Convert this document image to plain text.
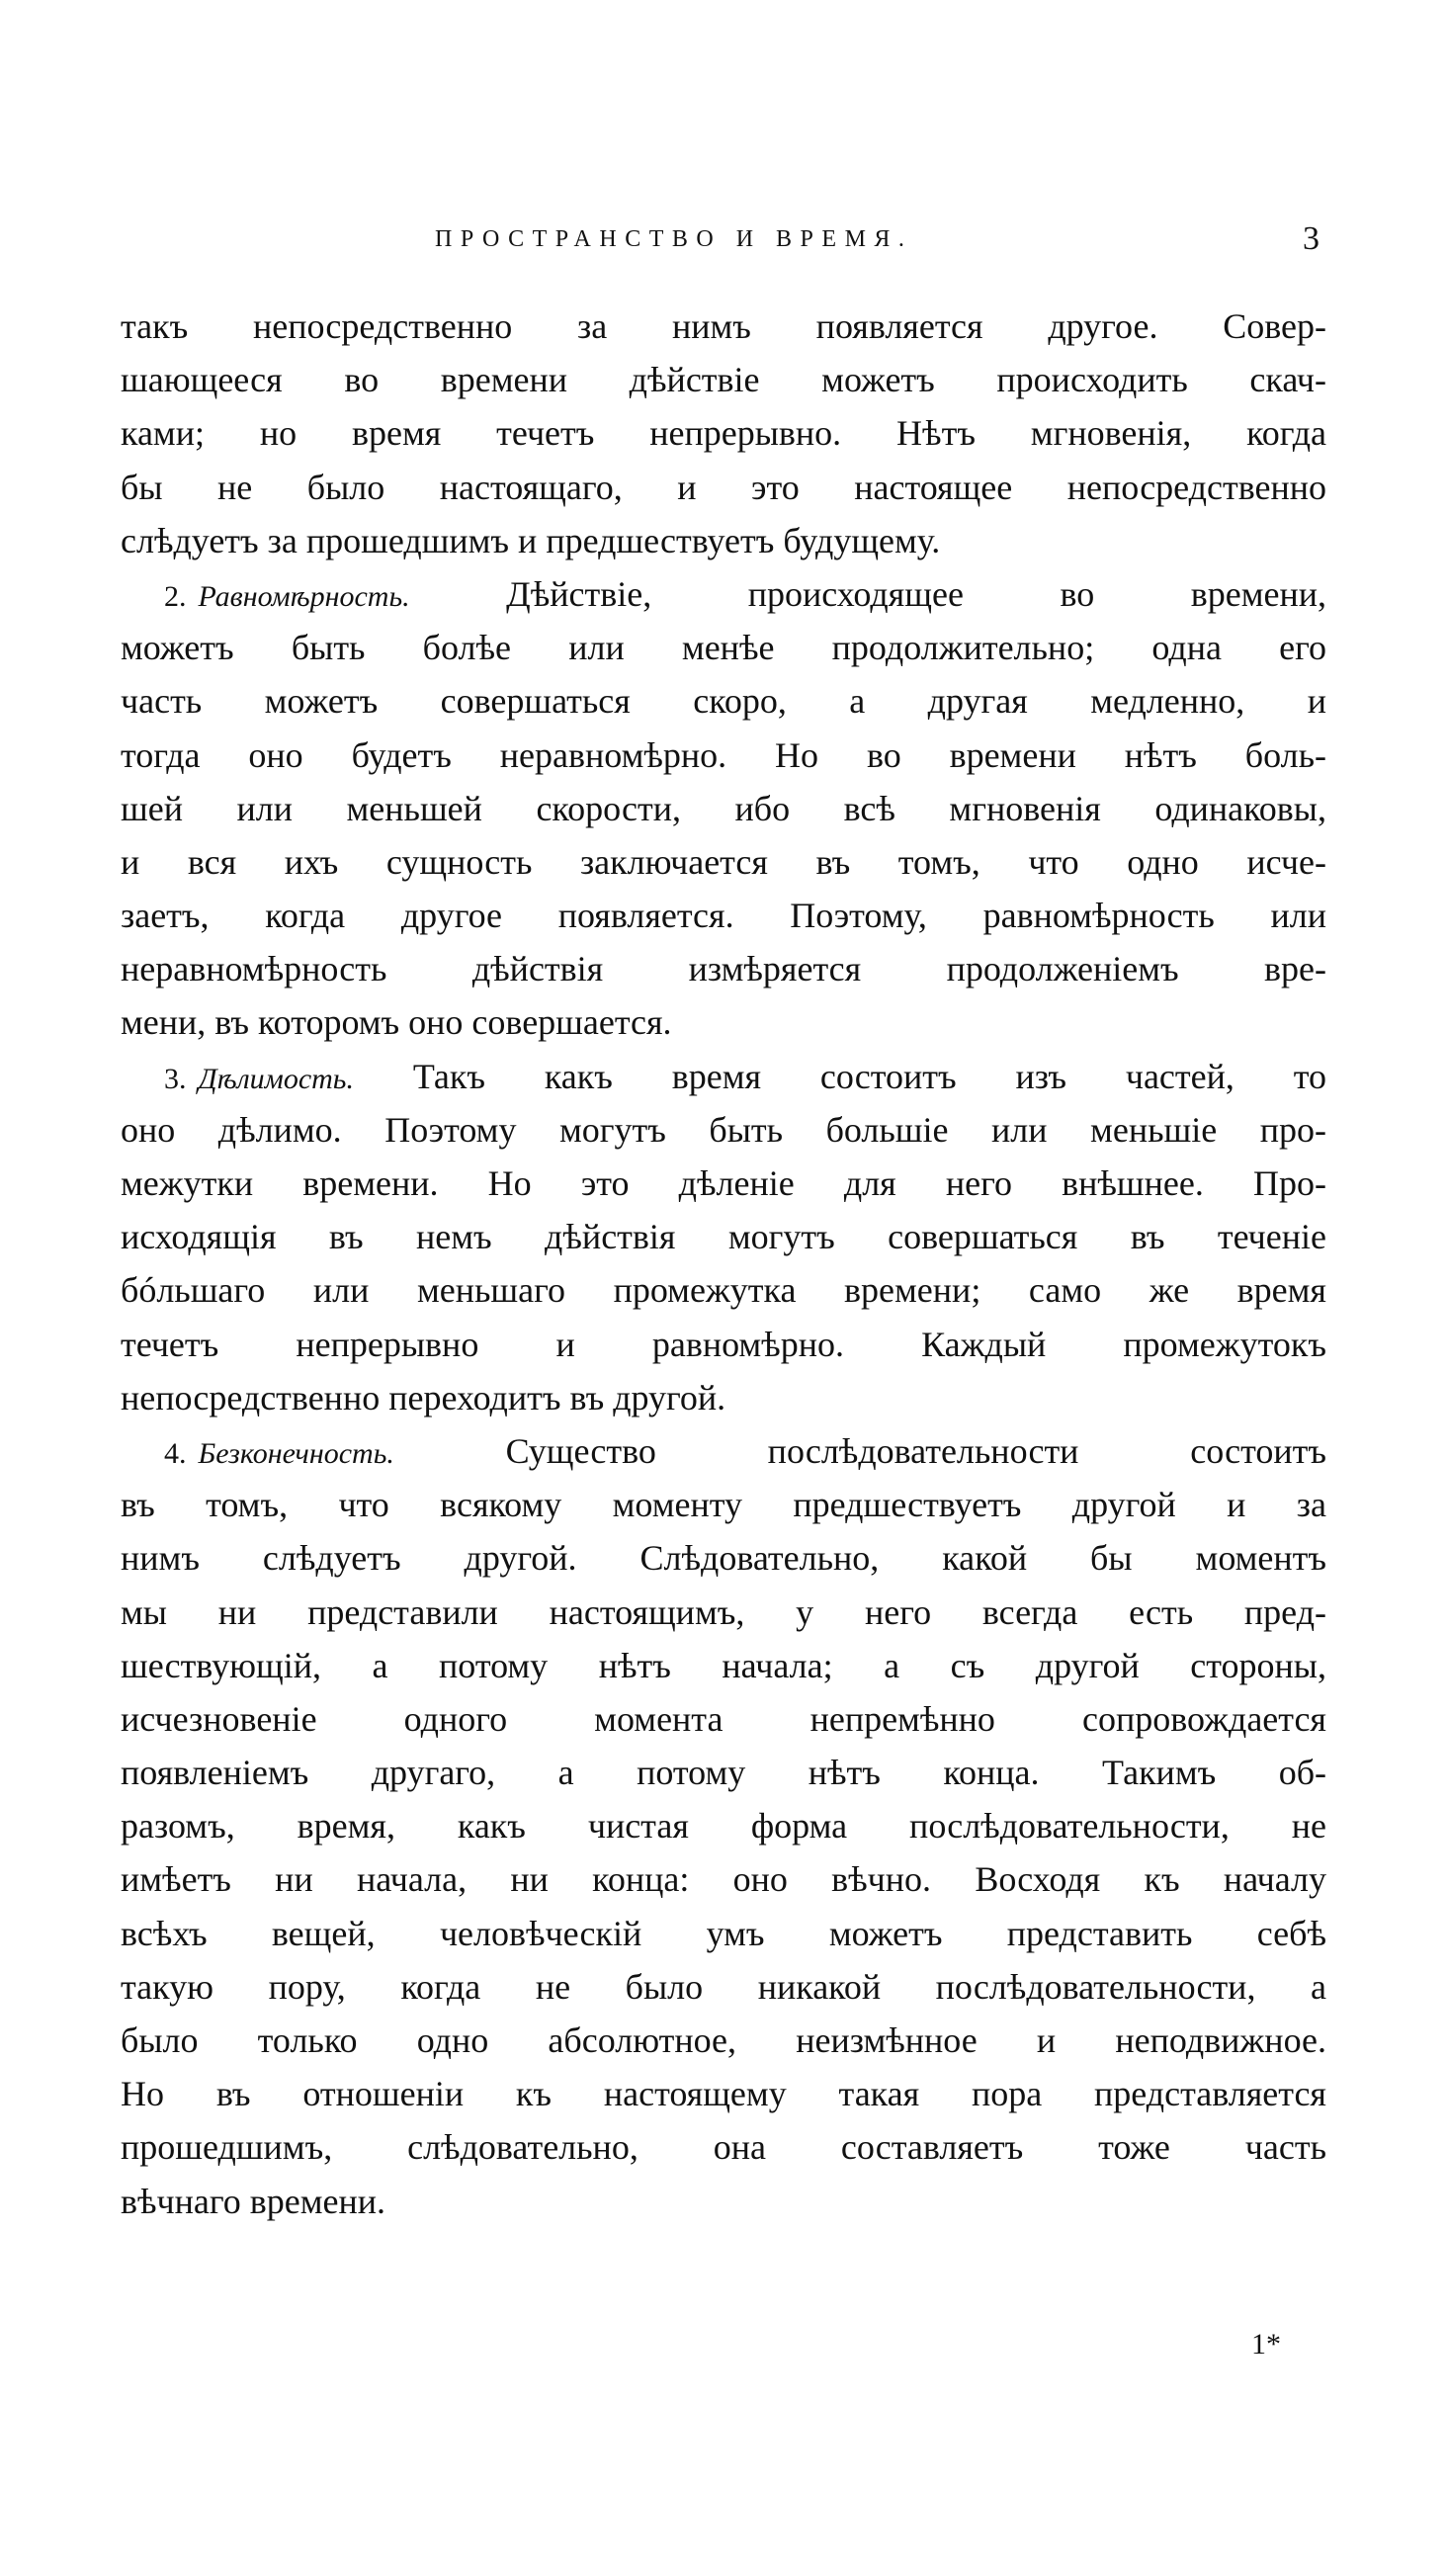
ПРОСТРАНСТВО И ВРЕМЯ.	3
такъ непосредственно за нимъ появляется другое. Совер-
шающееся во времени дѣйствіе можетъ происходить скач-
ками; но время течетъ непрерывно. Нѣтъ мгновенія, когда
бы не было настоящаго, и это настоящее непосредственно
слѣдуетъ за прошедшимъ и предшествуетъ будущему.
2. Равномѣрность.	Дѣйствіе, происходящее во времени,
можетъ быть болѣе или менѣе продолжительно; одна его
часть можетъ совершаться скоро, а другая медленно, и
тогда оно будетъ неравномѣрно. Но во времени нѣтъ боль-
шей или меньшей скорости, ибо всѣ мгновенія одинаковы,
и вся ихъ сущность заключается въ томъ, что одно исче-
заетъ, когда другое появляется. Поэтому, равномѣрность или
неравномѣрность дѣйствія измѣряется продолженіемъ вре-
мени, въ которомъ оно совершается.
3. Дѣлимость. Такъ какъ время состоитъ изъ частей, то
оно дѣлимо. Поэтому могутъ быть большіе или меньшіе про-
межутки времени. Но это дѣленіе для него внѣшнее. Про-
исходящія въ немъ дѣйствія могутъ совершаться въ теченіе
бóльшаго или меньшаго промежутка времени; само же время
течетъ непрерывно и равномѣрно. Каждый промежутокъ
непосредственно переходитъ въ другой.
4. Безконечность.	Существо послѣдовательности состоитъ
въ томъ, что всякому моменту предшествуетъ другой и за
нимъ слѣдуетъ другой. Слѣдовательно, какой бы моментъ
мы ни представили настоящимъ, у него всегда есть пред-
шествующій, а потому нѣтъ начала; а съ другой стороны,
исчезновеніе одного момента непремѣнно сопровождается
появленіемъ другаго, а потому нѣтъ конца. Такимъ об-
разомъ, время, какъ чистая форма послѣдовательности, не
имѣетъ ни начала, ни конца: оно вѣчно. Восходя къ началу
всѣхъ вещей, человѣческій умъ можетъ представить себѣ
такую пору, когда не было никакой послѣдовательности, а
было только одно абсолютное, неизмѣнное и неподвижное.
Но въ отношеніи къ настоящему такая пора представляется
прошедшимъ, слѣдовательно, она составляетъ тоже часть
вѣчнаго времени.
1*
